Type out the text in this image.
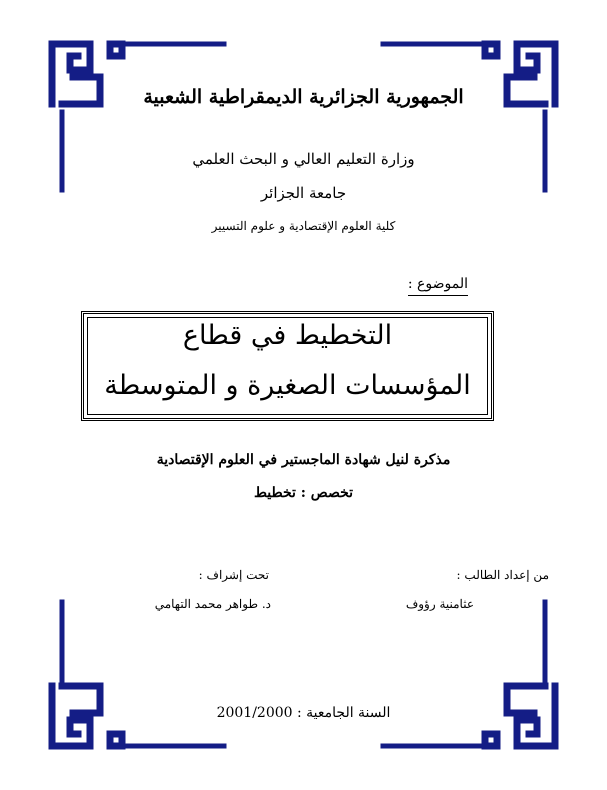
الجمهورية الجزائرية الديمقراطية الشعبية
وزارة التعليم العالي و البحث العلمي
جامعة الجزائر
كلية العلوم الإقتصادية و علوم التسيير
الموضوع :
التخطيط في قطاع
المؤسسات الصغيرة و المتوسطة
مذكرة لنيل شهادة الماجستير في العلوم الإقتصادية
تخصص : تخطيط
من إعداد الطالب :
عثامنية رؤوف
تحت إشراف :
د. طواهر محمد التهامي
السنة الجامعية : 2001/2000
